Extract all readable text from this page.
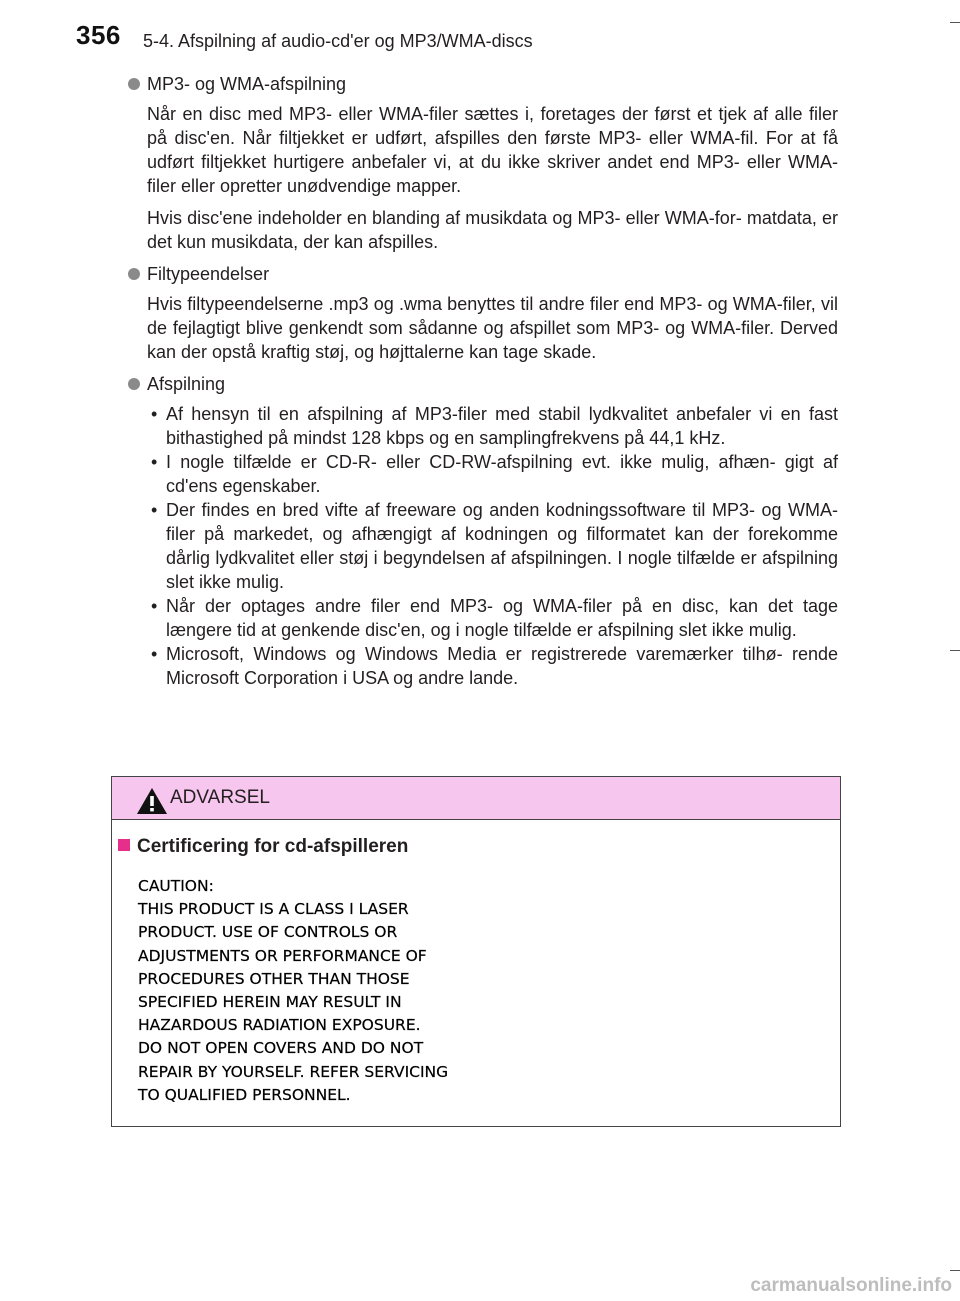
356 5-4. Afspilning af audio-cd'er og MP3/WMA-discs
MP3- og WMA-afspilning

Når en disc med MP3- eller WMA-filer sættes i, foretages der først et tjek af alle filer på disc'en. Når filtjekket er udført, afspilles den første MP3- eller WMA-fil. For at få udført filtjekket hurtigere anbefaler vi, at du ikke skriver andet end MP3- eller WMA-filer eller opretter unødvendige mapper.

Hvis disc'ene indeholder en blanding af musikdata og MP3- eller WMA-for- matdata, er det kun musikdata, der kan afspilles.

Filtypeendelser

Hvis filtypeendelserne .mp3 og .wma benyttes til andre filer end MP3- og WMA-filer, vil de fejlagtigt blive genkendt som sådanne og afspillet som MP3- og WMA-filer. Derved kan der opstå kraftig støj, og højttalerne kan tage skade.

Afspilning
• Af hensyn til en afspilning af MP3-filer med stabil lydkvalitet anbefaler vi en fast bithastighed på mindst 128 kbps og en samplingfrekvens på 44,1 kHz.
• I nogle tilfælde er CD-R- eller CD-RW-afspilning evt. ikke mulig, afhæn- gigt af cd'ens egenskaber.
• Der findes en bred vifte af freeware og anden kodningssoftware til MP3- og WMA-filer på markedet, og afhængigt af kodningen og filformatet kan der forekomme dårlig lydkvalitet eller støj i begyndelsen af afspilningen. I nogle tilfælde er afspilning slet ikke mulig.
• Når der optages andre filer end MP3- og WMA-filer på en disc, kan det tage længere tid at genkende disc'en, og i nogle tilfælde er afspilning slet ikke mulig.
• Microsoft, Windows og Windows Media er registrerede varemærker tilhø- rende Microsoft Corporation i USA og andre lande.
ADVARSEL
Certificering for cd-afspilleren
CAUTION:
THIS PRODUCT IS A CLASS Ⅰ LASER
PRODUCT. USE OF CONTROLS OR
ADJUSTMENTS OR PERFORMANCE OF
PROCEDURES OTHER THAN THOSE
SPECIFIED HEREIN MAY RESULT IN
HAZARDOUS RADIATION EXPOSURE.
DO NOT OPEN COVERS AND DO NOT
REPAIR BY YOURSELF. REFER SERVICING
TO QUALIFIED PERSONNEL.
carmanualsonline.info
